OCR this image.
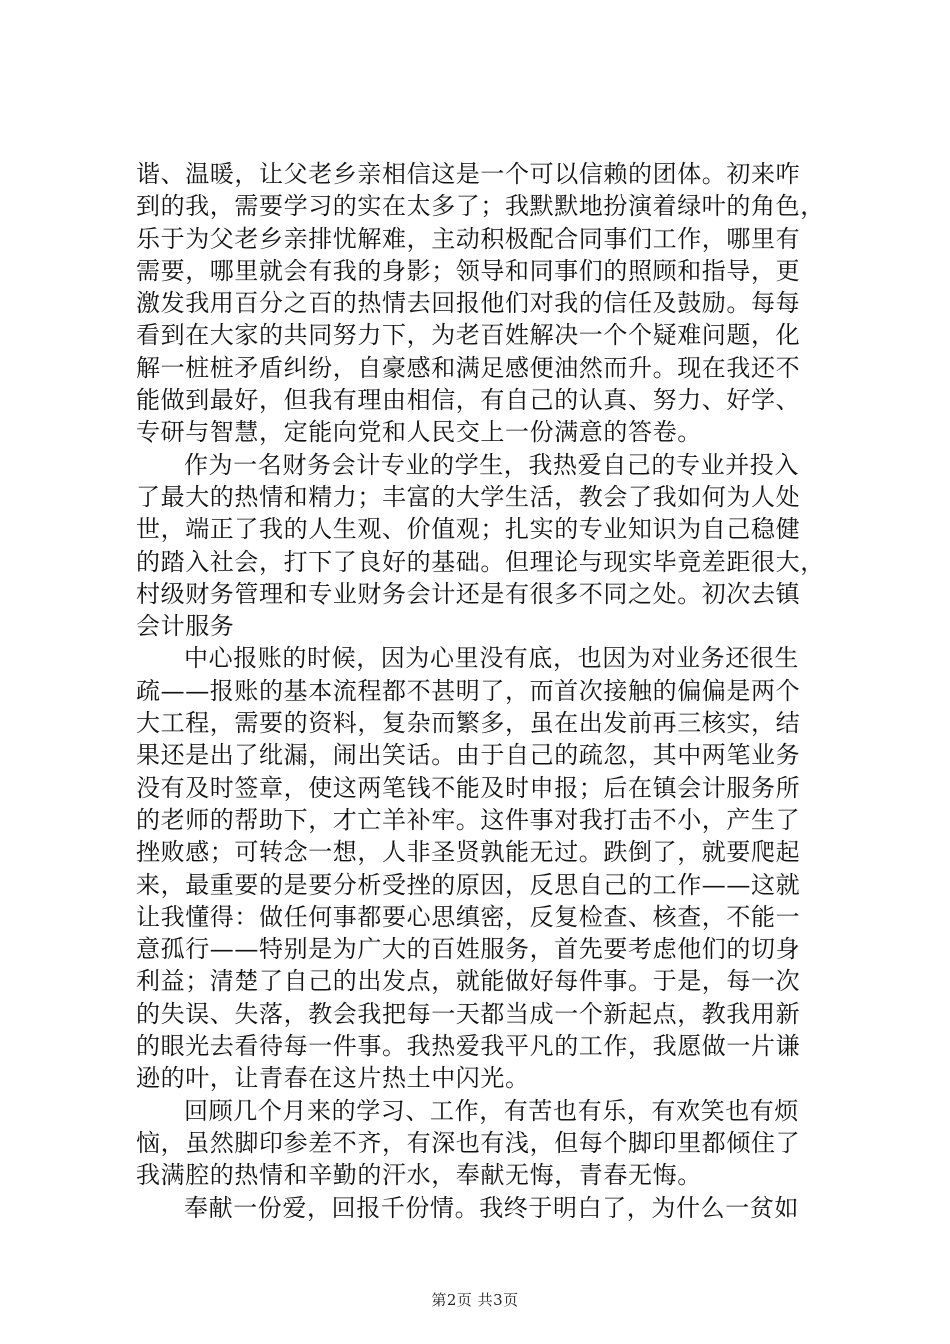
谐、温暖，让父老乡亲相信这是一个可以信赖的团体。初来咋
到的我，需要学习的实在太多了；我默默地扮演着绿叶的角色，
乐于为父老乡亲排忧解难，主动积极配合同事们工作，哪里有
需要，哪里就会有我的身影；领导和同事们的照顾和指导，更
激发我用百分之百的热情去回报他们对我的信任及鼓励。每每
看到在大家的共同努力下，为老百姓解决一个个疑难问题，化
解一桩桩矛盾纠纷，自豪感和满足感便油然而升。现在我还不
能做到最好，但我有理由相信，有自己的认真、努力、好学、
专研与智慧，定能向党和人民交上一份满意的答卷。
作为一名财务会计专业的学生，我热爱自己的专业并投入
了最大的热情和精力；丰富的大学生活，教会了我如何为人处
世，端正了我的人生观、价值观；扎实的专业知识为自己稳健
的踏入社会，打下了良好的基础。但理论与现实毕竟差距很大，
村级财务管理和专业财务会计还是有很多不同之处。初次去镇
会计服务
中心报账的时候，因为心里没有底，也因为对业务还很生
疏——报账的基本流程都不甚明了，而首次接触的偏偏是两个
大工程，需要的资料，复杂而繁多，虽在出发前再三核实，结
果还是出了纰漏，闹出笑话。由于自己的疏忽，其中两笔业务
没有及时签章，使这两笔钱不能及时申报；后在镇会计服务所
的老师的帮助下，才亡羊补牢。这件事对我打击不小，产生了
挫败感；可转念一想，人非圣贤孰能无过。跌倒了，就要爬起
来，最重要的是要分析受挫的原因，反思自己的工作——这就
让我懂得：做任何事都要心思缜密，反复检查、核查，不能一
意孤行——特别是为广大的百姓服务，首先要考虑他们的切身
利益；清楚了自己的出发点，就能做好每件事。于是，每一次
的失误、失落，教会我把每一天都当成一个新起点，教我用新
的眼光去看待每一件事。我热爱我平凡的工作，我愿做一片谦
逊的叶，让青春在这片热土中闪光。
回顾几个月来的学习、工作，有苦也有乐，有欢笑也有烦
恼，虽然脚印参差不齐，有深也有浅，但每个脚印里都倾住了
我满腔的热情和辛勤的汗水，奉献无悔，青春无悔。
奉献一份爱，回报千份情。我终于明白了，为什么一贫如
第2页 共3页
